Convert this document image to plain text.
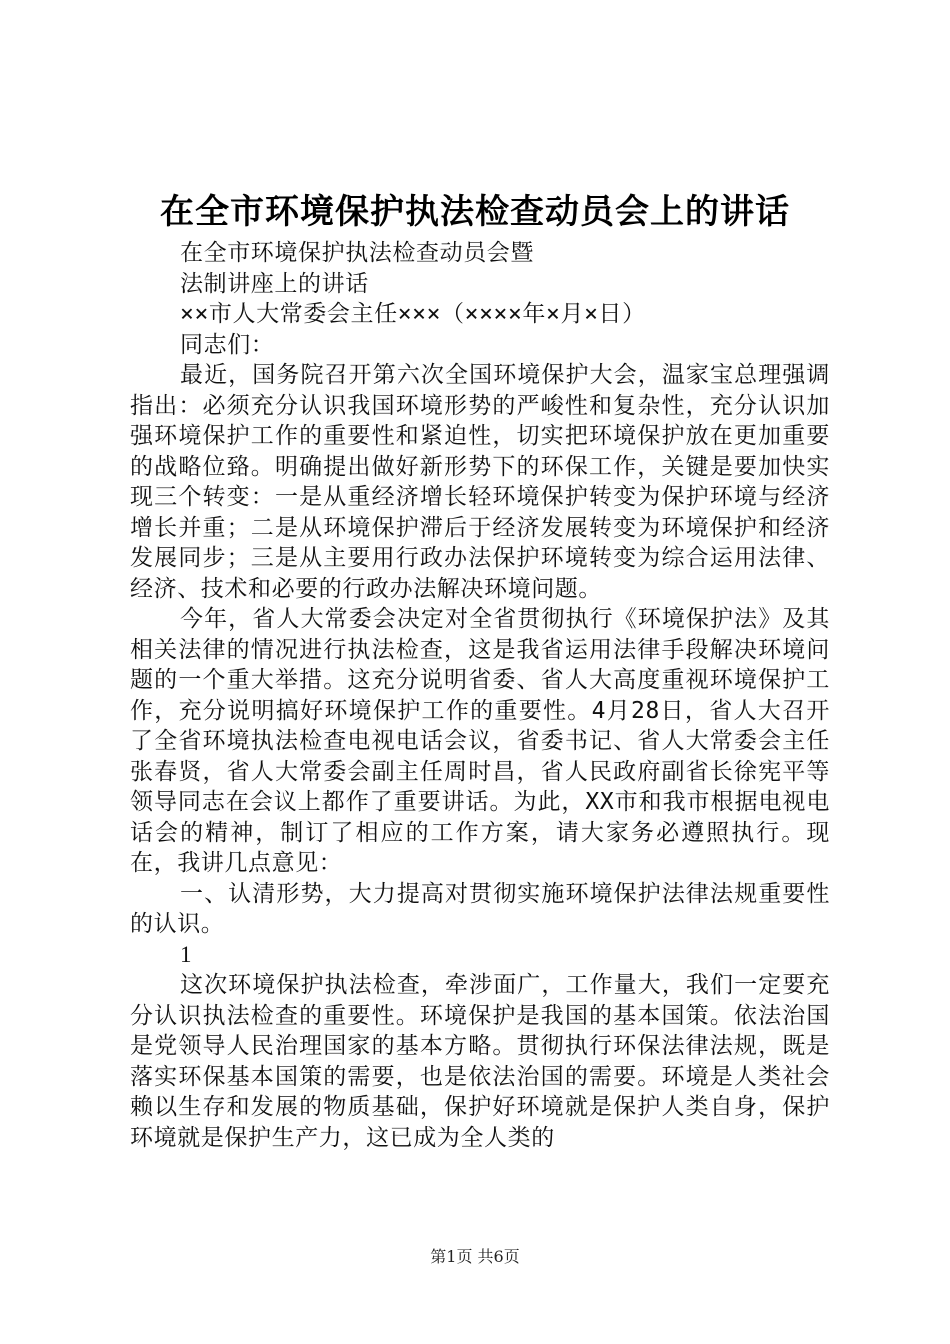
在全市环境保护执法检查动员会上的讲话

在全市环境保护执法检查动员会暨

法制讲座上的讲话

××市人大常委会主任×××（××××年×月×日）

同志们：

最近，国务院召开第六次全国环境保护大会，温家宝总理强调指出：必须充分认识我国环境形势的严峻性和复杂性，充分认识加强环境保护工作的重要性和紧迫性，切实把环境保护放在更加重要的战略位臵。明确提出做好新形势下的环保工作，关键是要加快实现三个转变：一是从重经济增长轻环境保护转变为保护环境与经济增长并重；二是从环境保护滞后于经济发展转变为环境保护和经济发展同步；三是从主要用行政办法保护环境转变为综合运用法律、经济、技术和必要的行政办法解决环境问题。

今年，省人大常委会决定对全省贯彻执行《环境保护法》及其相关法律的情况进行执法检查，这是我省运用法律手段解决环境问题的一个重大举措。这充分说明省委、省人大高度重视环境保护工作，充分说明搞好环境保护工作的重要性。4月28日，省人大召开了全省环境执法检查电视电话会议，省委书记、省人大常委会主任张春贤，省人大常委会副主任周时昌，省人民政府副省长徐宪平等领导同志在会议上都作了重要讲话。为此，XX市和我市根据电视电话会的精神，制订了相应的工作方案，请大家务必遵照执行。现在，我讲几点意见：

一、认清形势，大力提高对贯彻实施环境保护法律法规重要性的认识。

1

这次环境保护执法检查，牵涉面广，工作量大，我们一定要充分认识执法检查的重要性。环境保护是我国的基本国策。依法治国是党领导人民治理国家的基本方略。贯彻执行环保法律法规，既是落实环保基本国策的需要，也是依法治国的需要。环境是人类社会赖以生存和发展的物质基础，保护好环境就是保护人类自身，保护环境就是保护生产力，这已成为全人类的

第1页 共6页
